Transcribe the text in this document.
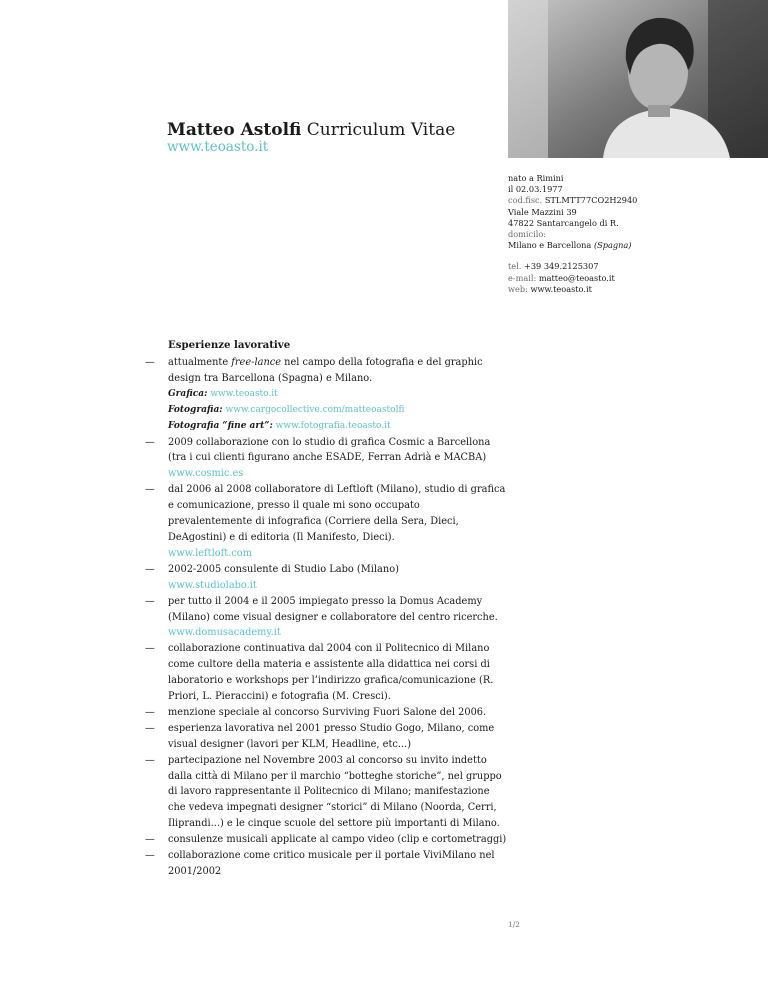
Matteo Astolfi Curriculum Vitae
www.teoasto.it
nato a Rimini
il 02.03.1977
cod.fisc. STLMTT77CO2H2940
Viale Mazzini 39
47822 Santarcangelo di R.
domicilo:
Milano e Barcellona (Spagna)
tel. +39 349.2125307
e-mail: matteo@teoasto.it
web: www.teoasto.it
Esperienze lavorative
—	attualmente free-lance nel campo della fotografia e del graphic
design tra Barcellona (Spagna) e Milano.
Grafica: www.teoasto.it
Fotografia: www.cargocollective.com/matteoastolfi
Fotografia “fine art”: www.fotografia.teoasto.it
—	2009 collaborazione con lo studio di grafica Cosmic a Barcellona
(tra i cui clienti figurano anche ESADE, Ferran Adrià e MACBA)
www.cosmic.es
—	dal 2006 al 2008 collaboratore di Leftloft (Milano), studio di grafica
e comunicazione, presso il quale mi sono occupato
prevalentemente di infografica (Corriere della Sera, Dieci,
DeAgostini) e di editoria (Il Manifesto, Dieci).
www.leftloft.com
—	2002-2005 consulente di Studio Labo (Milano)
www.studiolabo.it
—	per tutto il 2004 e il 2005 impiegato presso la Domus Academy
(Milano) come visual designer e collaboratore del centro ricerche.
www.domusacademy.it
—	collaborazione continuativa dal 2004 con il Politecnico di Milano
come cultore della materia e assistente alla didattica nei corsi di
laboratorio e workshops per l’indirizzo grafica/comunicazione (R.
Priori, L. Pieraccini) e fotografia (M. Cresci).
—	menzione speciale al concorso Surviving Fuori Salone del 2006.
—	esperienza lavorativa nel 2001 presso Studio Gogo, Milano, come
visual designer (lavori per KLM, Headline, etc...)
—	partecipazione nel Novembre 2003 al concorso su invito indetto
dalla città di Milano per il marchio “botteghe storiche”, nel gruppo
di lavoro rappresentante il Politecnico di Milano; manifestazione
che vedeva impegnati designer “storici” di Milano (Noorda, Cerri,
Iliprandi...) e le cinque scuole del settore più importanti di Milano.
—	consulenze musicali applicate al campo video (clip e cortometraggi)
—	collaborazione come critico musicale per il portale ViviMilano nel
2001/2002
1/2
